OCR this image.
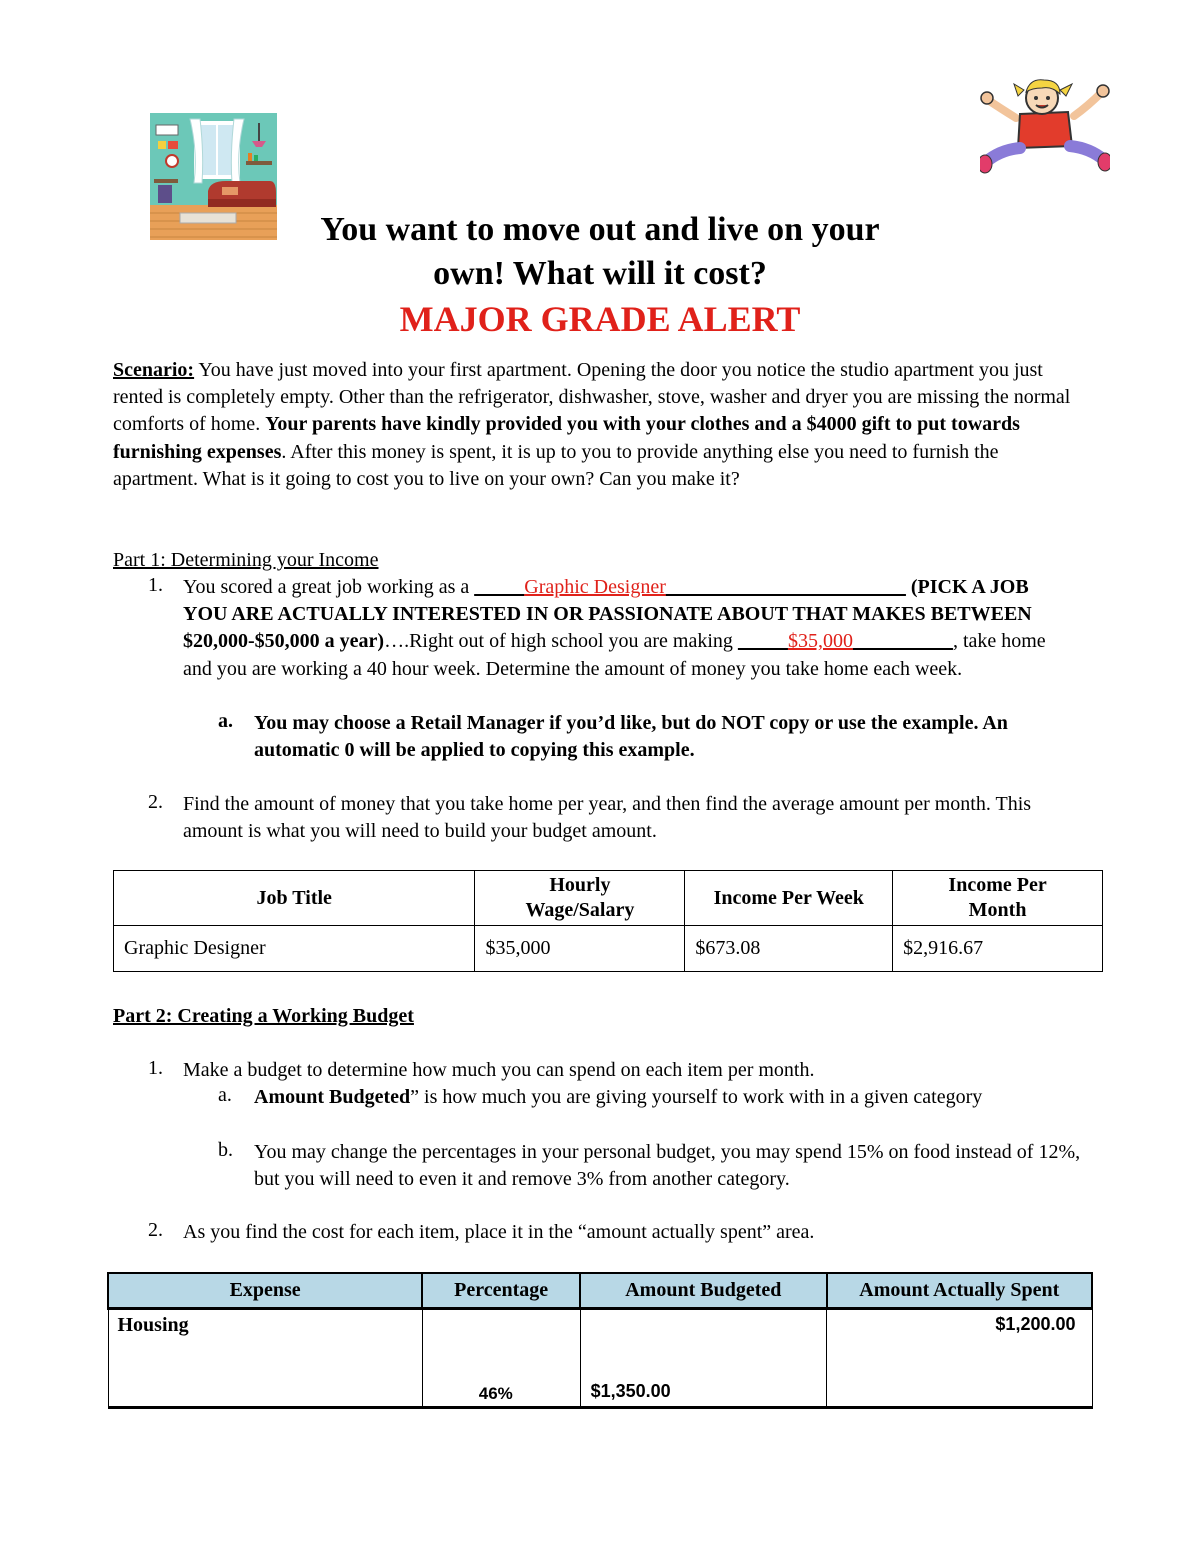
You want to move out and live on your
own! What will it cost?
MAJOR GRADE ALERT
Scenario: You have just moved into your first apartment. Opening the door you notice the studio apartment you just rented is completely empty. Other than the refrigerator, dishwasher, stove, washer and dryer you are missing the normal comforts of home. Your parents have kindly provided you with your clothes and a $4000 gift to put towards furnishing expenses. After this money is spent, it is up to you to provide anything else you need to furnish the apartment. What is it going to cost you to live on your own? Can you make it?
Part 1: Determining your Income
1. You scored a great job working as a _____Graphic Designer________________________ (PICK A JOB YOU ARE ACTUALLY INTERESTED IN OR PASSIONATE ABOUT THAT MAKES BETWEEN $20,000-$50,000 a year)….Right out of high school you are making _____$35,000__________, take home and you are working a 40 hour week. Determine the amount of money you take home each week.
a. You may choose a Retail Manager if you’d like, but do NOT copy or use the example. An automatic 0 will be applied to copying this example.
2. Find the amount of money that you take home per year, and then find the average amount per month. This amount is what you will need to build your budget amount.
Job Title	Hourly Wage/Salary	Income Per Week	Income Per Month
Graphic Designer	$35,000	$673.08	$2,916.67
Part 2: Creating a Working Budget
1. Make a budget to determine how much you can spend on each item per month.
a. Amount Budgeted” is how much you are giving yourself to work with in a given category
b. You may change the percentages in your personal budget, you may spend 15% on food instead of 12%, but you will need to even it and remove 3% from another category.
2. As you find the cost for each item, place it in the “amount actually spent” area.
Expense	Percentage	Amount Budgeted	Amount Actually Spent

Housing	46%	$1,350.00	$1,200.00
